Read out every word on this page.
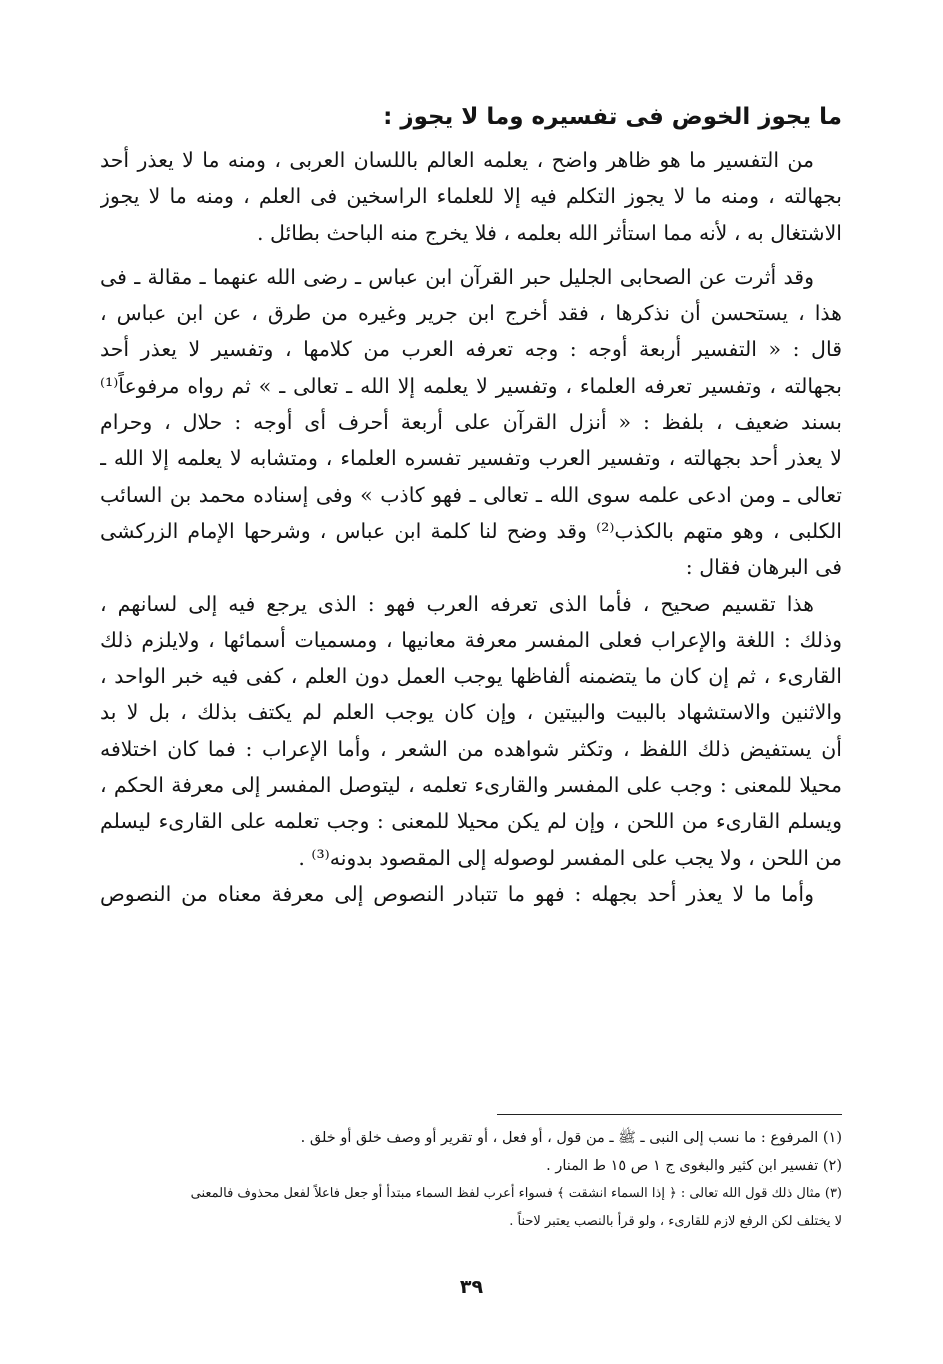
ما يجوز الخوض فى تفسيره وما لا يجوز :
من التفسير ما هو ظاهر واضح ، يعلمه العالم باللسان العربى ، ومنه ما لا يعذر أحد
بجهالته ، ومنه ما لا يجوز التكلم فيه إلا للعلماء الراسخين فى العلم ، ومنه ما لا يجوز
الاشتغال به ، لأنه مما استأثر الله بعلمه ، فلا يخرج منه الباحث بطائل .
وقد أثرت عن الصحابى الجليل حبر القرآن ابن عباس ـ رضى الله عنهما ـ مقالة ـ فى
هذا ، يستحسن أن نذكرها ، فقد أخرج ابن جرير وغيره من طرق ، عن ابن عباس ،
قال : « التفسير أربعة أوجه : وجه تعرفه العرب من كلامها ، وتفسير لا يعذر أحد
بجهالته ، وتفسير تعرفه العلماء ، وتفسير لا يعلمه إلا الله ـ تعالى ـ » ثم رواه مرفوعاً⁽¹⁾
بسند ضعيف ، بلفظ : « أنزل القرآن على أربعة أحرف أى أوجه : حلال ، وحرام
لا يعذر أحد بجهالته ، وتفسير العرب وتفسير تفسره العلماء ، ومتشابه لا يعلمه إلا الله ـ
تعالى ـ ومن ادعى علمه سوى الله ـ تعالى ـ فهو كاذب » وفى إسناده محمد بن السائب
الكلبى ، وهو متهم بالكذب⁽²⁾ وقد وضح لنا كلمة ابن عباس ، وشرحها الإمام الزركشى
فى البرهان فقال :
هذا تقسيم صحيح ، فأما الذى تعرفه العرب فهو : الذى يرجع فيه إلى لسانهم ،
وذلك : اللغة والإعراب فعلى المفسر معرفة معانيها ، ومسميات أسمائها ، ولايلزم ذلك
القارىء ، ثم إن كان ما يتضمنه ألفاظها يوجب العمل دون العلم ، كفى فيه خبر الواحد ،
والاثنين والاستشهاد بالبيت والبيتين ، وإن كان يوجب العلم لم يكتف بذلك ، بل لا بد
أن يستفيض ذلك اللفظ ، وتكثر شواهده من الشعر ، وأما الإعراب : فما كان اختلافه
محيلا للمعنى : وجب على المفسر والقارىء تعلمه ، ليتوصل المفسر إلى معرفة الحكم ،
ويسلم القارىء من اللحن ، وإن لم يكن محيلا للمعنى : وجب تعلمه على القارىء ليسلم
من اللحن ، ولا يجب على المفسر لوصوله إلى المقصود بدونه⁽³⁾ .
وأما ما لا يعذر أحد بجهله : فهو ما تتبادر النصوص إلى معرفة معناه من النصوص
(١) المرفوع : ما نسب إلى النبى ـ ﷺ ـ من قول ، أو فعل ، أو تقرير أو وصف خلق أو خلق .
(٢) تفسير ابن كثير والبغوى ج ١ ص ١٥ ط المنار .
(٣) مثال ذلك قول الله تعالى : ﴿ إذا السماء انشقت ﴾ فسواء أعرب لفظ السماء مبتدأ أو جعل فاعلاً لفعل محذوف فالمعنى
لا يختلف لكن الرفع لازم للقارىء ، ولو قرأ بالنصب يعتبر لاحناً .
٣٩
